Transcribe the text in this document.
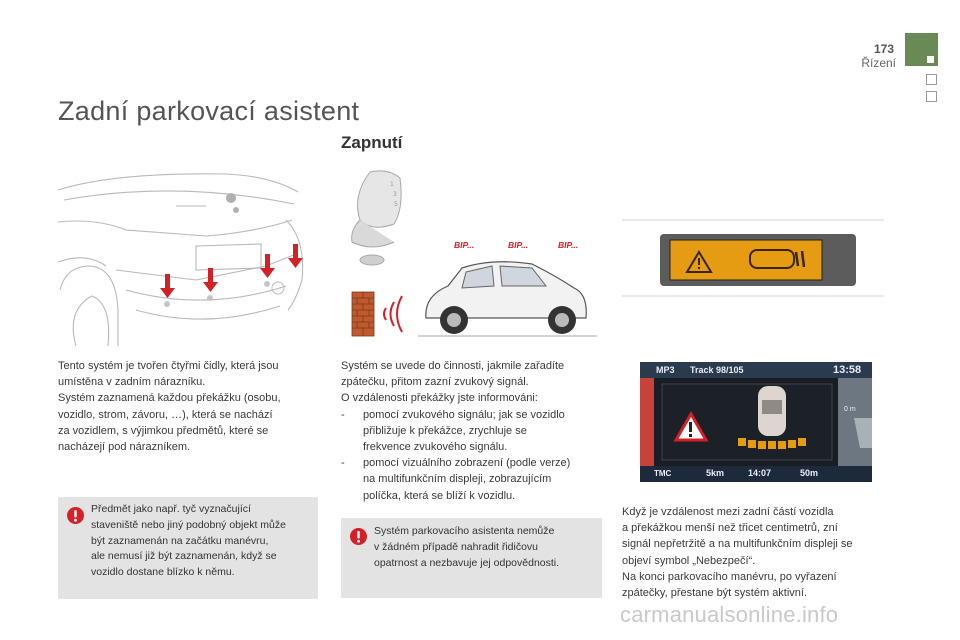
173
Řízení
Zadní parkovací asistent
Zapnutí
1
3
5
BIP...	BIP...	BIP...
MP3 Track 98/105	13:58
0 m
TMC	5km	14:07	50m

Tento systém je tvořen čtyřmi čidly, která jsou

umístěna v zadním nárazníku.

Systém zaznamená každou překážku (osobu,

vozidlo, strom, závoru, …), která se nachází

za vozidlem, s výjimkou předmětů, které se

nacházejí pod nárazníkem.

Předmět jako např. tyč vyznačující

staveniště nebo jiný podobný objekt může

být zaznamenán na začátku manévru,

ale nemusí již být zaznamenán, když se

vozidlo dostane blízko k němu.

Systém se uvede do činnosti, jakmile zařadíte

zpátečku, přitom zazní zvukový signál.

O vzdálenosti překážky jste informováni:

- pomocí zvukového signálu; jak se vozidlo

přibližuje k překážce, zrychluje se

frekvence zvukového signálu.

- pomocí vizuálního zobrazení (podle verze)

na multifunkčním displeji, zobrazujícím

políčka, která se blíží k vozidlu.

Systém parkovacího asistenta nemůže

v žádném případě nahradit řidičovu

opatrnost a nezbavuje jej odpovědnosti.

Když je vzdálenost mezi zadní částí vozidla

a překážkou menší než třicet centimetrů, zní

signál nepřetržitě a na multifunkčním displeji se

objeví symbol „Nebezpečí“.

Na konci parkovacího manévru, po vyřazení

zpátečky, přestane být systém aktivní.

carmanualsonline.info
